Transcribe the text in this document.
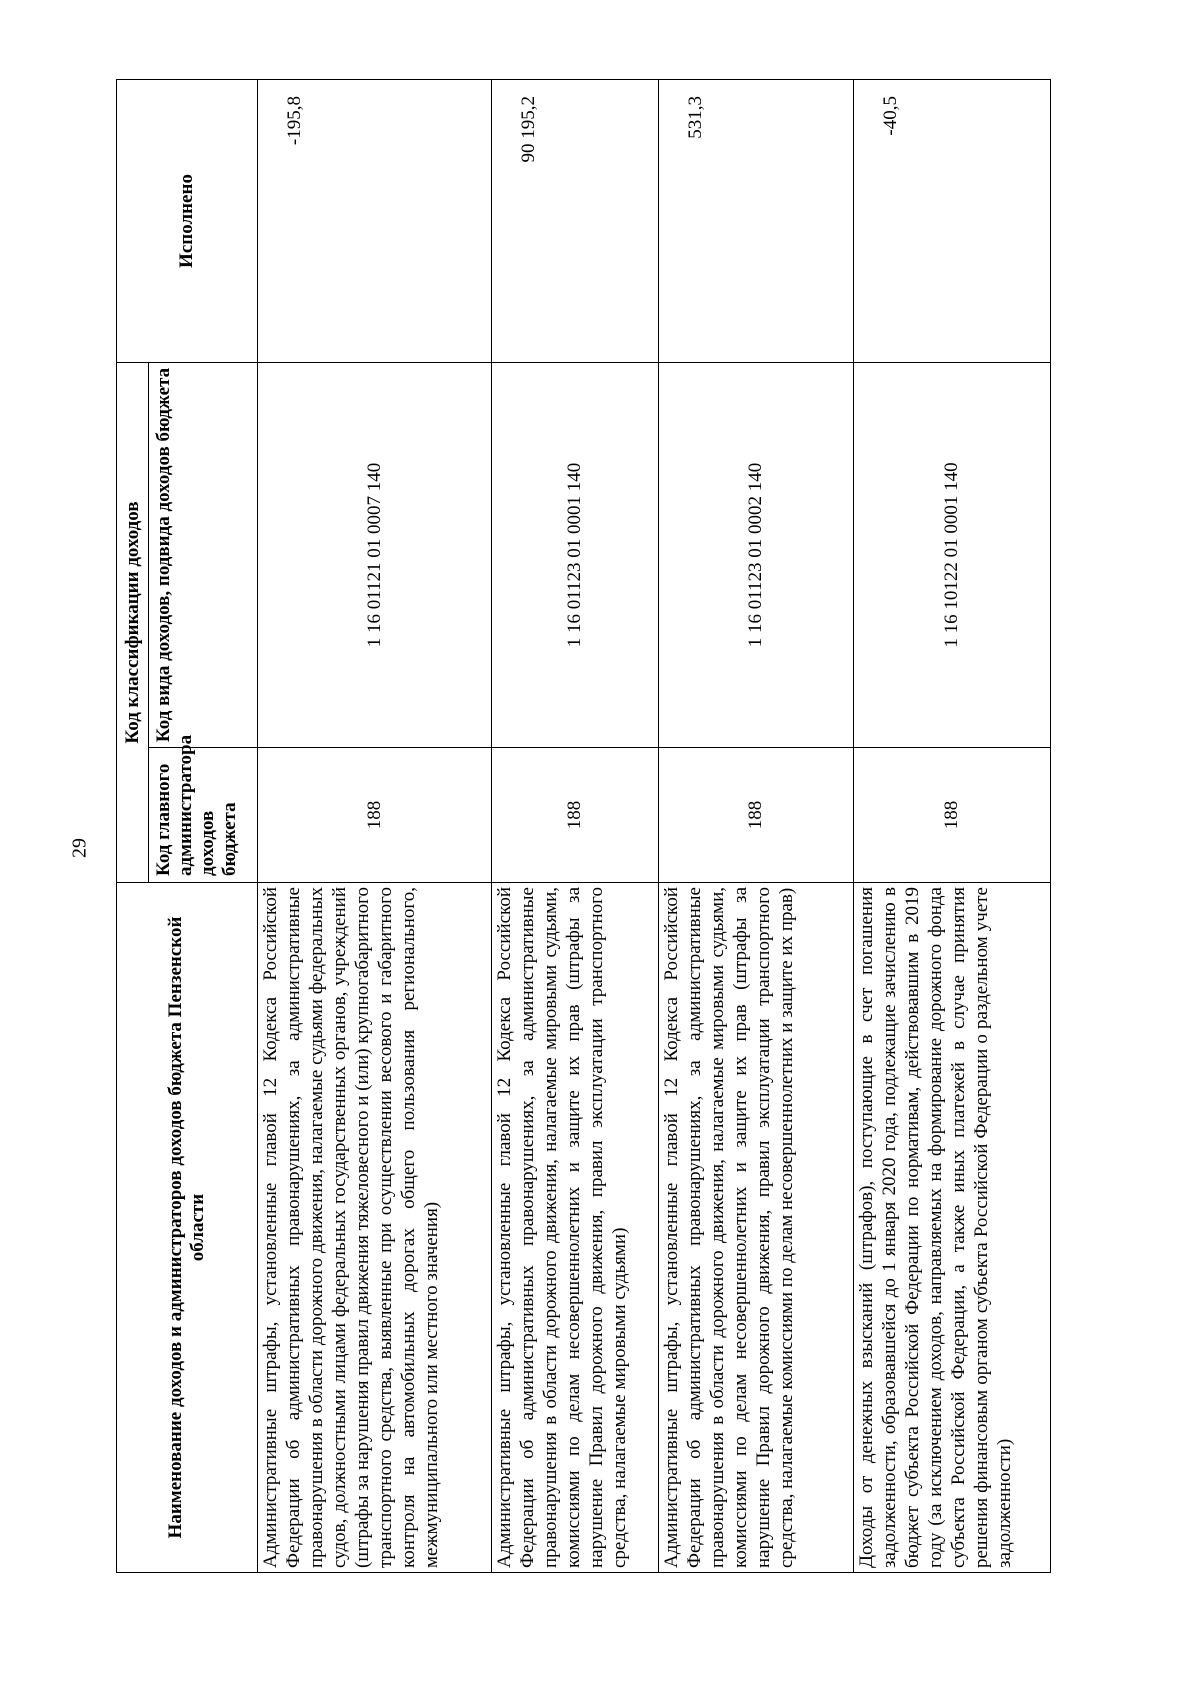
29
Наименование доходов и администраторов доходов бюджета Пензенской области	Код классификации доходов		Исполнено
	Код главного администратора доходов бюджета	Код вида доходов, подвида доходов бюджета	
Административные штрафы, установленные главой 12 Кодекса Российской Федерации об административных правонарушениях, за административные правонарушения в области дорожного движения, налагаемые судьями федеральных судов, должностными лицами федеральных государственных органов, учреждений (штрафы за нарушения правил движения тяжеловесного и (или) крупногабаритного транспортного средства, выявленные при осуществлении весового и габаритного контроля на автомобильных дорогах общего пользования регионального, межмуниципального или местного значения)	188	1 16 01121 01 0007 140	-195,8
Административные штрафы, установленные главой 12 Кодекса Российской Федерации об административных правонарушениях, за административные правонарушения в области дорожного движения, налагаемые мировыми судьями, комиссиями по делам несовершеннолетних и защите их прав (штрафы за нарушение Правил дорожного движения, правил эксплуатации транспортного средства, налагаемые мировыми судьями)	188	1 16 01123 01 0001 140	90 195,2
Административные штрафы, установленные главой 12 Кодекса Российской Федерации об административных правонарушениях, за административные правонарушения в области дорожного движения, налагаемые мировыми судьями, комиссиями по делам несовершеннолетних и защите их прав (штрафы за нарушение Правил дорожного движения, правил эксплуатации транспортного средства, налагаемые комиссиями по делам несовершеннолетних и защите их прав)	188	1 16 01123 01 0002 140	531,3
Доходы от денежных взысканий (штрафов), поступающие в счет погашения задолженности, образовавшейся до 1 января 2020 года, подлежащие зачислению в бюджет субъекта Российской Федерации по нормативам, действовавшим в 2019 году (за исключением доходов, направляемых на формирование дорожного фонда субъекта Российской Федерации, а также иных платежей в случае принятия решения финансовым органом субъекта Российской Федерации о раздельном учете задолженности)	188	1 16 10122 01 0001 140	-40,5
